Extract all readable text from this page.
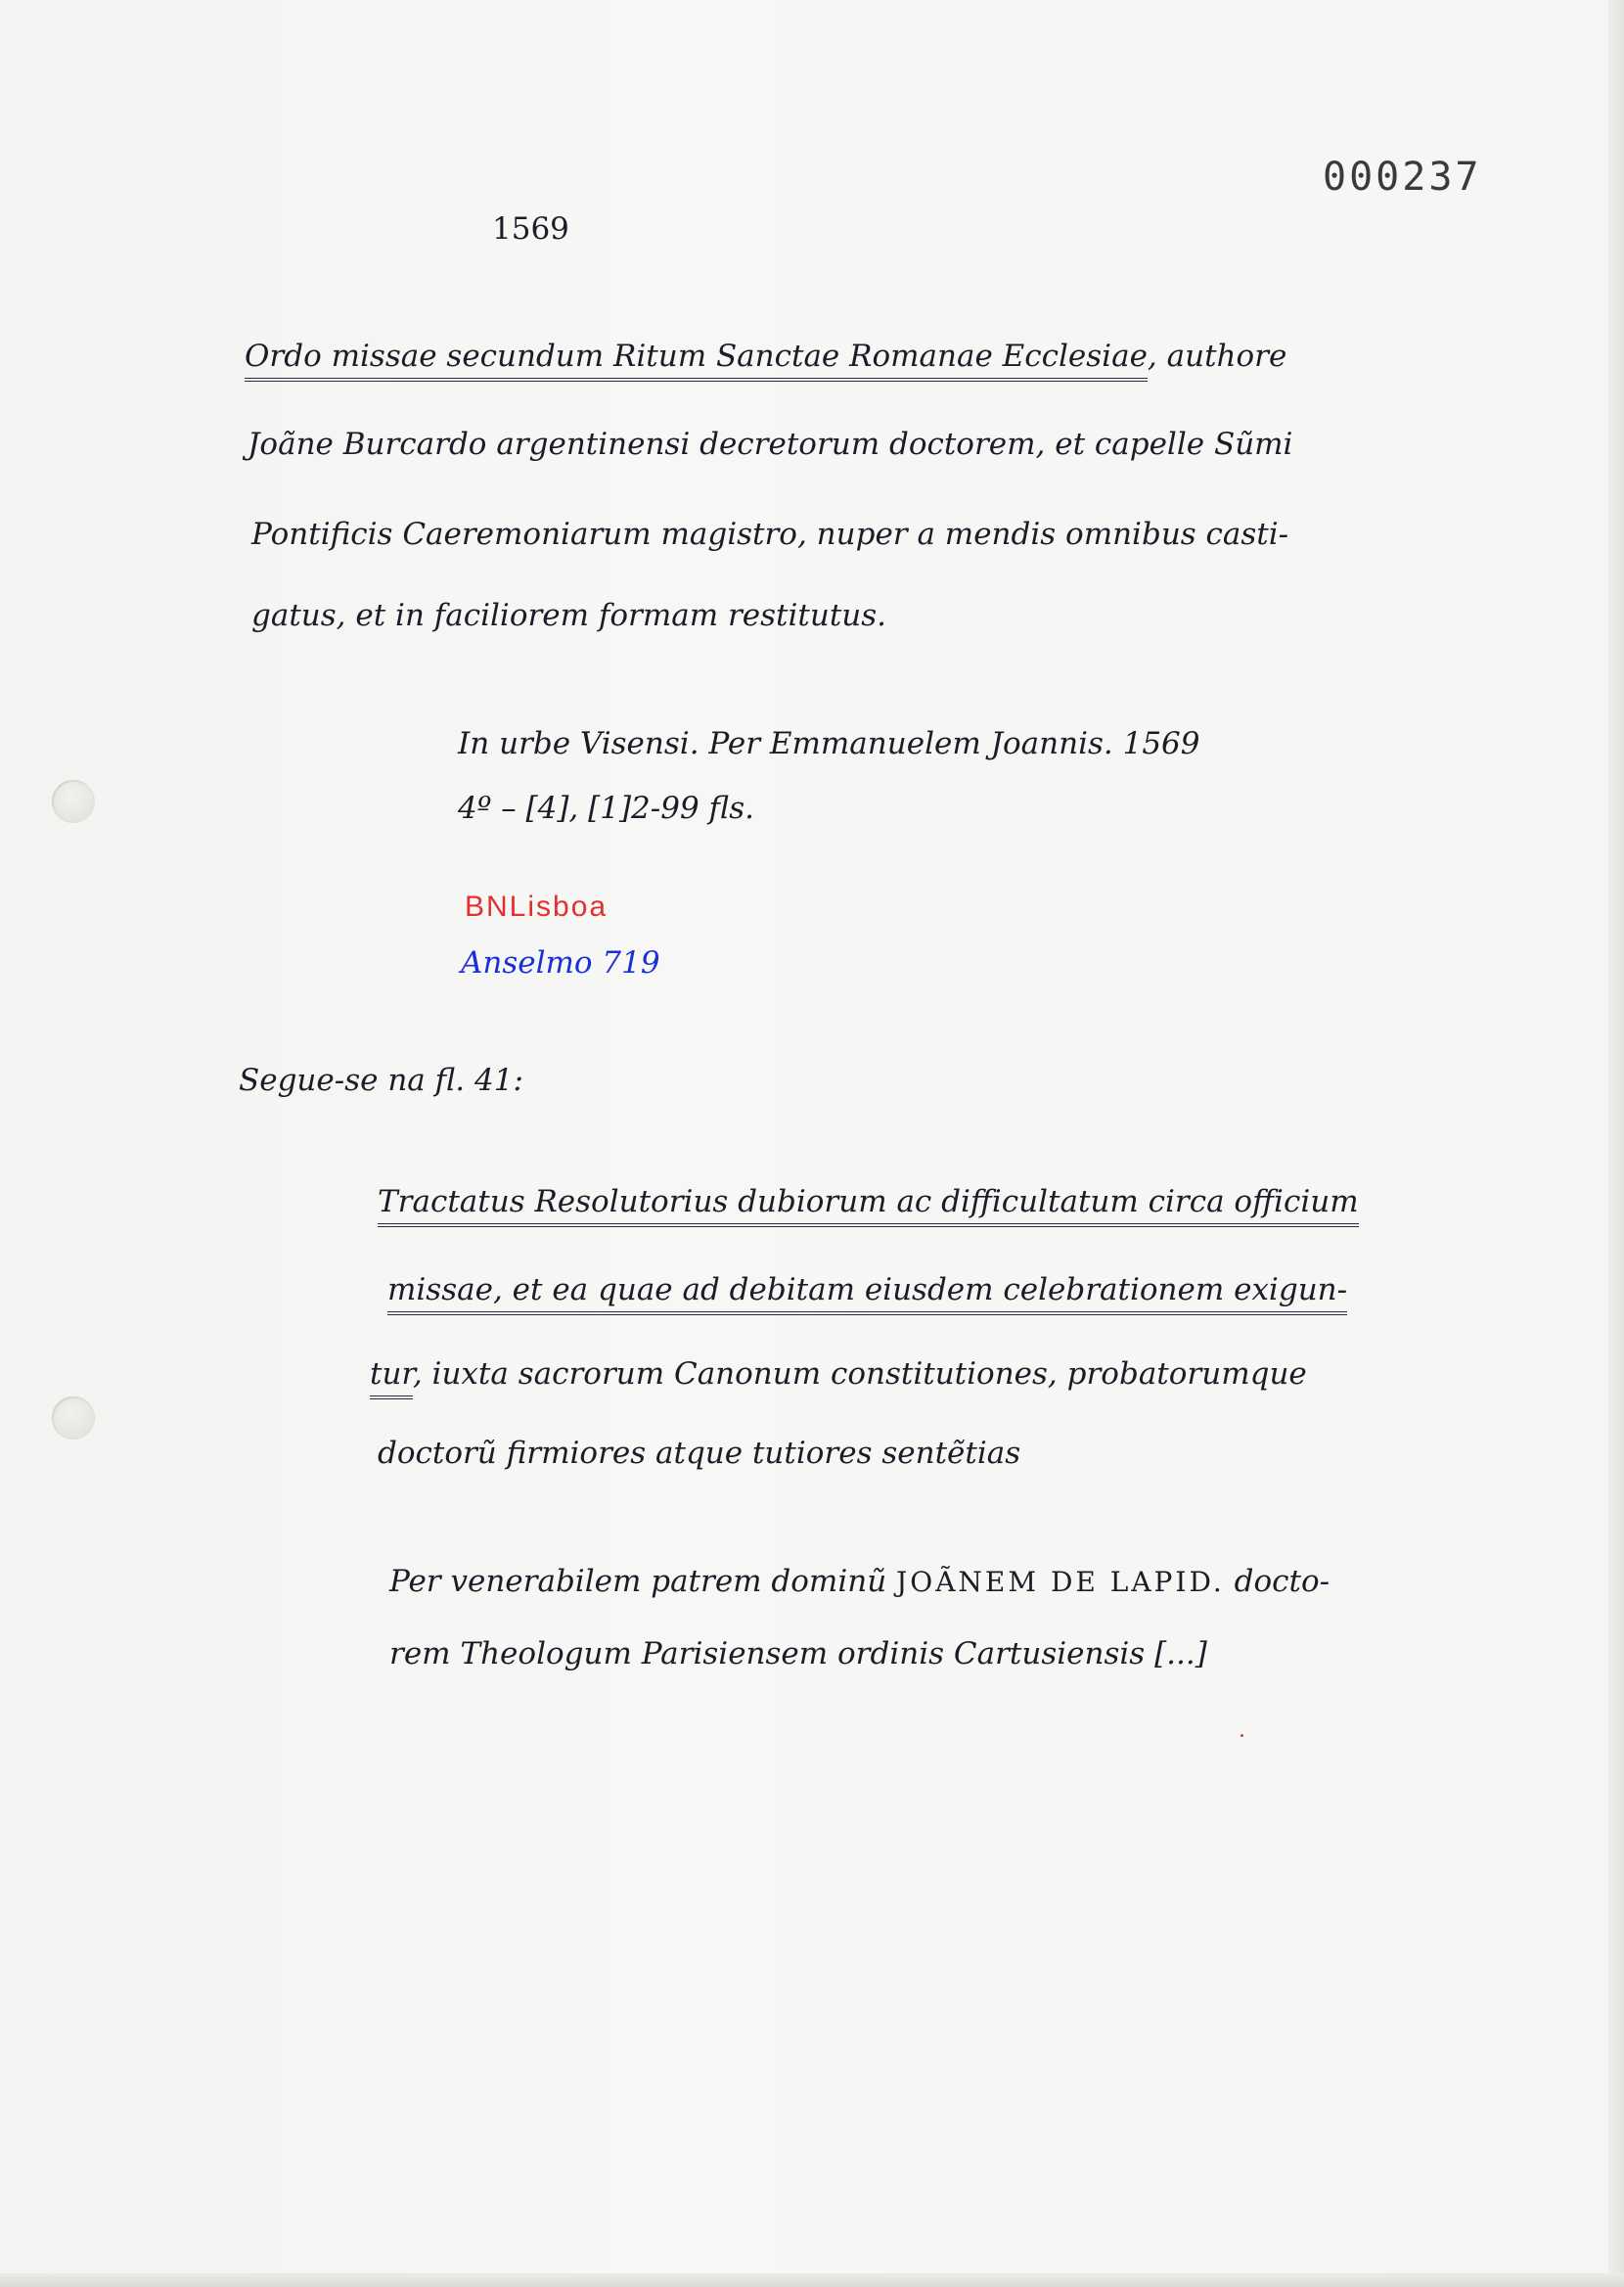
000237

1569

Ordo missae secundum Ritum Sanctae Romanae Ecclesiae, authore

Joãne Burcardo argentinensi decretorum doctorem, et capelle Sũmi

Pontificis Caeremoniarum magistro, nuper a mendis omnibus casti-

gatus, et in faciliorem formam restitutus.

In urbe Visensi. Per Emmanuelem Joannis. 1569

4º – [4], [1]2-99 fls.

BNLisboa

Anselmo 719

Segue-se na fl. 41:

Tractatus Resolutorius dubiorum ac difficultatum circa officium

missae, et ea quae ad debitam eiusdem celebrationem exigun-

tur, iuxta sacrorum Canonum constitutiones, probatorumque

doctorũ firmiores atque tutiores sentẽtias

Per venerabilem patrem dominũ JOÃNEM DE LAPID. docto-

rem Theologum Parisiensem ordinis Cartusiensis [...]
